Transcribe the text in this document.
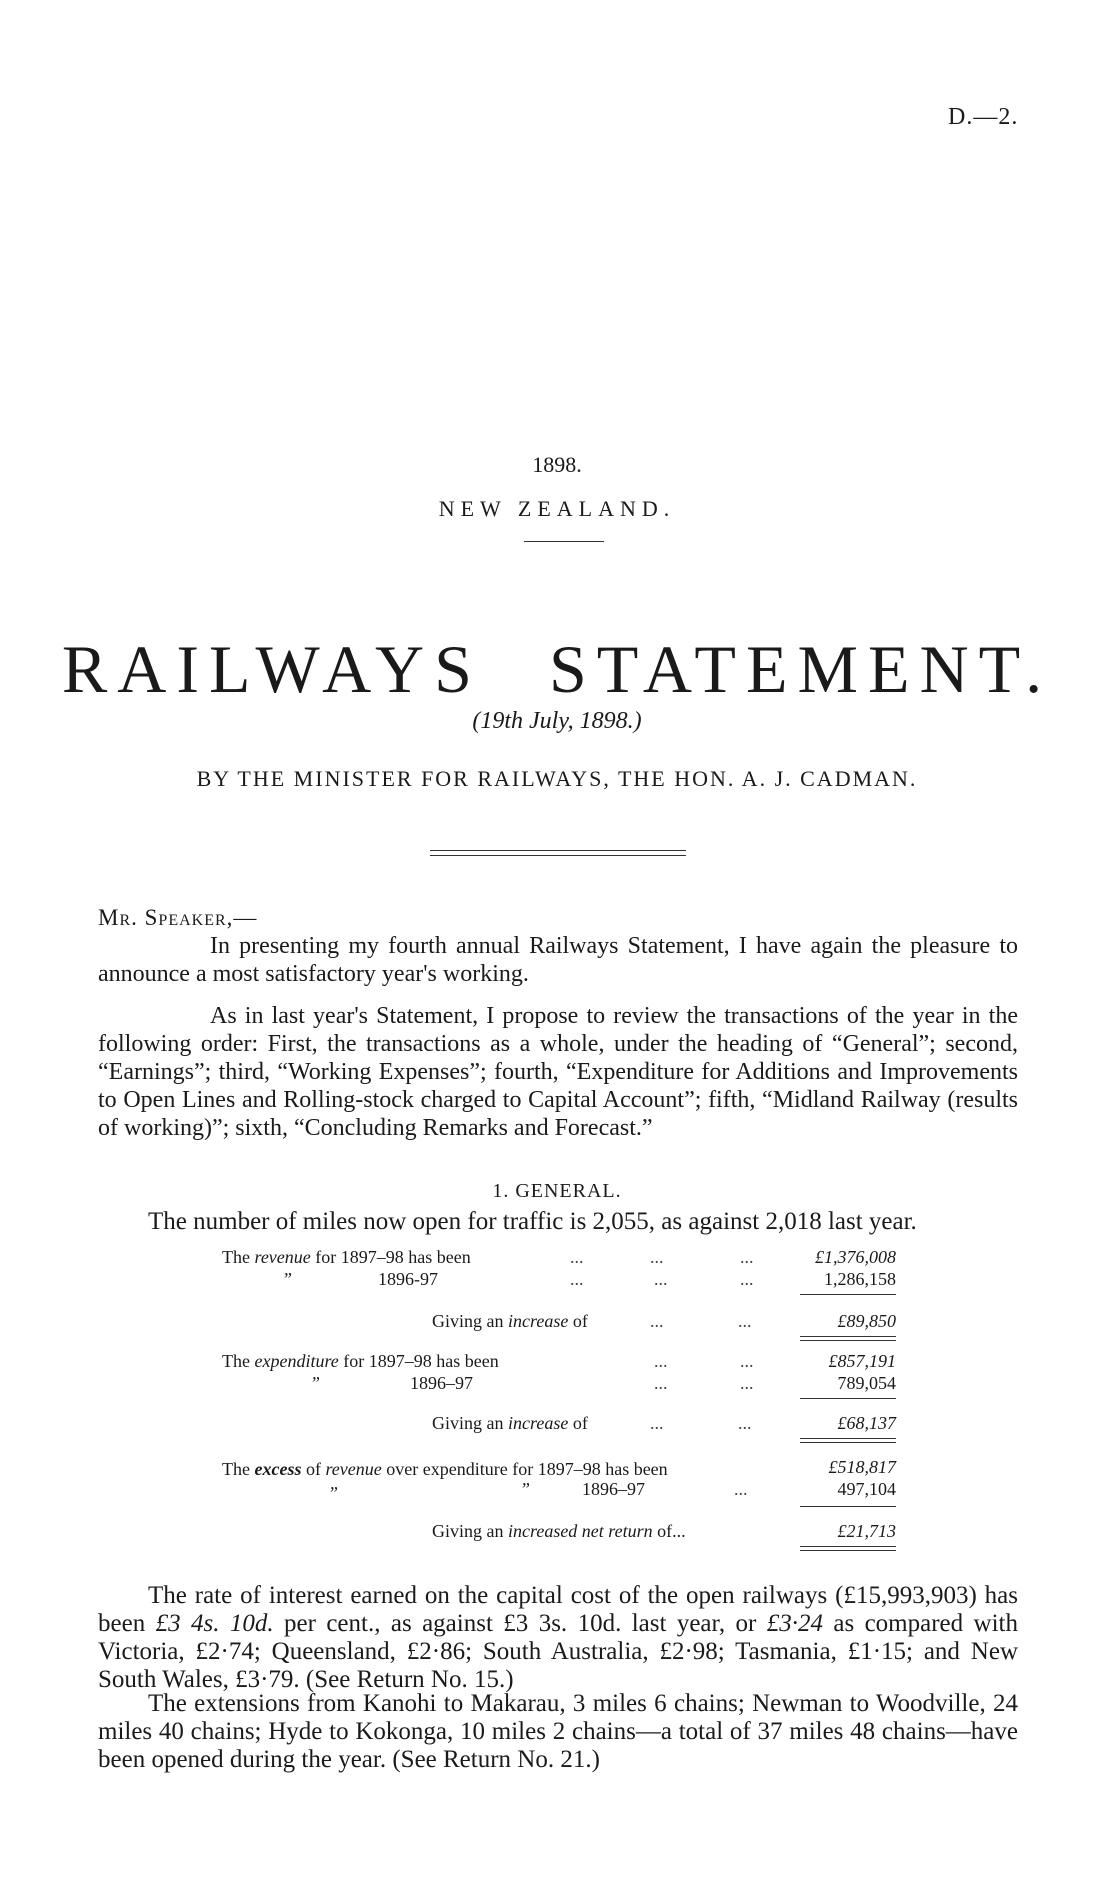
D.—2.
1898.
NEW ZEALAND.
RAILWAYS STATEMENT.
(19th July, 1898.)
BY THE MINISTER FOR RAILWAYS, THE HON. A. J. CADMAN.
Mr. Speaker,—
In presenting my fourth annual Railways Statement, I have again the pleasure to announce a most satisfactory year's working.
As in last year's Statement, I propose to review the transactions of the year in the following order: First, the transactions as a whole, under the heading of “General”; second, “Earnings”; third, “Working Expenses”; fourth, “Expenditure for Additions and Improvements to Open Lines and Rolling-stock charged to Capital Account”; fifth, “Midland Railway (results of working)”; sixth, “Concluding Remarks and Forecast.”
1. GENERAL.
The number of miles now open for traffic is 2,055, as against 2,018 last year.
The revenue for 1897–98 has been	...	...	...	£1,376,008
”	1896-97	...	...	...	1,286,158
Giving an increase of	...	...	£89,850
The expenditure for 1897–98 has been	...	...	£857,191
”	1896–97	...	...	789,054
Giving an increase of	...	...	£68,137
The excess of revenue over expenditure for 1897–98 has been	£518,817
”	”	1896–97	...	497,104
Giving an increased net return of...	£21,713
The rate of interest earned on the capital cost of the open railways (£15,993,903) has been £3 4s. 10d. per cent., as against £3 3s. 10d. last year, or £3·24 as compared with Victoria, £2·74; Queensland, £2·86; South Australia, £2·98; Tasmania, £1·15; and New South Wales, £3·79. (See Return No. 15.)
The extensions from Kanohi to Makarau, 3 miles 6 chains; Newman to Woodville, 24 miles 40 chains; Hyde to Kokonga, 10 miles 2 chains—a total of 37 miles 48 chains—have been opened during the year. (See Return No. 21.)
